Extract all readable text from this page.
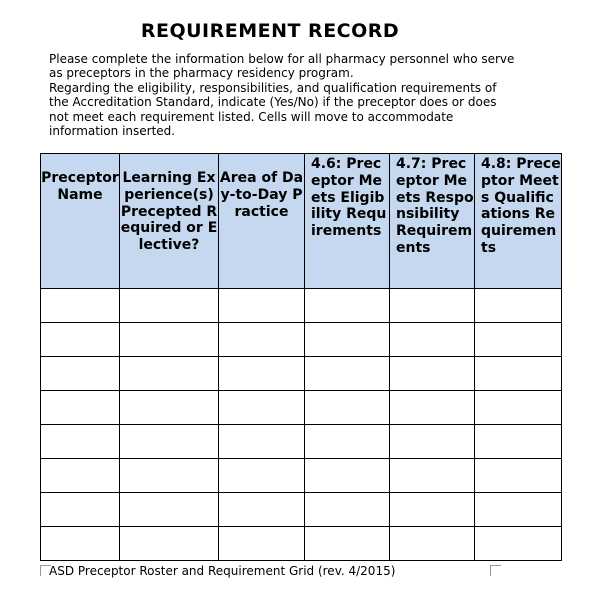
REQUIREMENT RECORD

Please complete the information below for all pharmacy personnel who serve as preceptors in the pharmacy residency program.

Regarding the eligibility, responsibilities, and qualification requirements of the Accreditation Standard, indicate (Yes/No) if the preceptor does or does not meet each requirement listed. Cells will move to accommodate information inserted.

Preceptor Name	Learning Experience(s) Precepted Required or Elective?	Area of Day-to-Day Practice	4.6: Preceptor Meets Eligibility Requirements	4.7: Preceptor Meets Responsibility Requirements	4.8: Preceptor Meets Qualifications Requirements

ASD Preceptor Roster and Requirement Grid (rev. 4/2015)
